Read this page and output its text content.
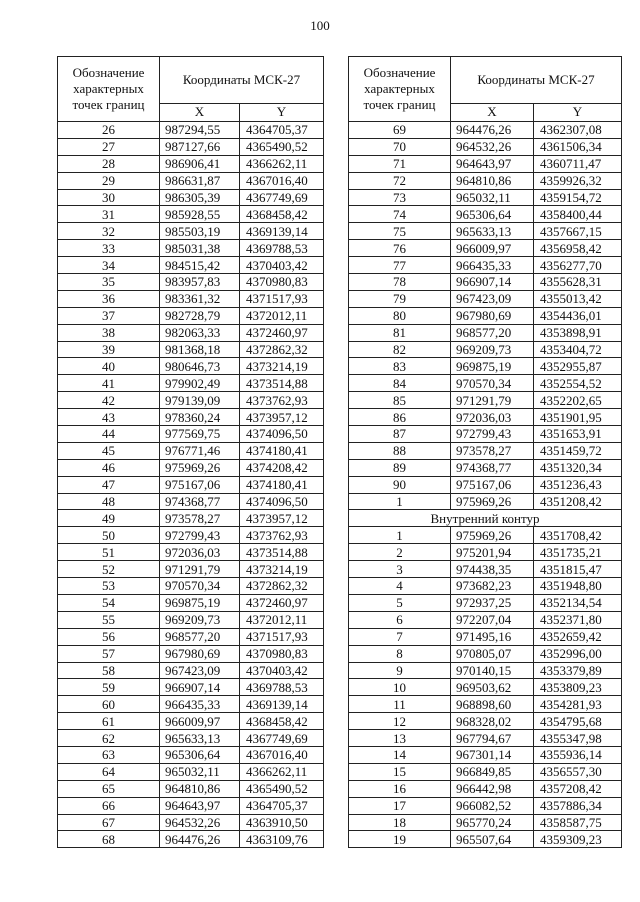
100
Обозначение характерных точек границ	Координаты МСК-27	
	X	Y
26	987294,55	4364705,37
27	987127,66	4365490,52
28	986906,41	4366262,11
29	986631,87	4367016,40
30	986305,39	4367749,69
31	985928,55	4368458,42
32	985503,19	4369139,14
33	985031,38	4369788,53
34	984515,42	4370403,42
35	983957,83	4370980,83
36	983361,32	4371517,93
37	982728,79	4372012,11
38	982063,33	4372460,97
39	981368,18	4372862,32
40	980646,73	4373214,19
41	979902,49	4373514,88
42	979139,09	4373762,93
43	978360,24	4373957,12
44	977569,75	4374096,50
45	976771,46	4374180,41
46	975969,26	4374208,42
47	975167,06	4374180,41
48	974368,77	4374096,50
49	973578,27	4373957,12
50	972799,43	4373762,93
51	972036,03	4373514,88
52	971291,79	4373214,19
53	970570,34	4372862,32
54	969875,19	4372460,97
55	969209,73	4372012,11
56	968577,20	4371517,93
57	967980,69	4370980,83
58	967423,09	4370403,42
59	966907,14	4369788,53
60	966435,33	4369139,14
61	966009,97	4368458,42
62	965633,13	4367749,69
63	965306,64	4367016,40
64	965032,11	4366262,11
65	964810,86	4365490,52
66	964643,97	4364705,37
67	964532,26	4363910,50
68	964476,26	4363109,76
Обозначение характерных точек границ	Координаты МСК-27	
	X	Y
69	964476,26	4362307,08
70	964532,26	4361506,34
71	964643,97	4360711,47
72	964810,86	4359926,32
73	965032,11	4359154,72
74	965306,64	4358400,44
75	965633,13	4357667,15
76	966009,97	4356958,42
77	966435,33	4356277,70
78	966907,14	4355628,31
79	967423,09	4355013,42
80	967980,69	4354436,01
81	968577,20	4353898,91
82	969209,73	4353404,72
83	969875,19	4352955,87
84	970570,34	4352554,52
85	971291,79	4352202,65
86	972036,03	4351901,95
87	972799,43	4351653,91
88	973578,27	4351459,72
89	974368,77	4351320,34
90	975167,06	4351236,43
1	975969,26	4351208,42
Внутренний контур		
1	975969,26	4351708,42
2	975201,94	4351735,21
3	974438,35	4351815,47
4	973682,23	4351948,80
5	972937,25	4352134,54
6	972207,04	4352371,80
7	971495,16	4352659,42
8	970805,07	4352996,00
9	970140,15	4353379,89
10	969503,62	4353809,23
11	968898,60	4354281,93
12	968328,02	4354795,68
13	967794,67	4355347,98
14	967301,14	4355936,14
15	966849,85	4356557,30
16	966442,98	4357208,42
17	966082,52	4357886,34
18	965770,24	4358587,75
19	965507,64	4359309,23
